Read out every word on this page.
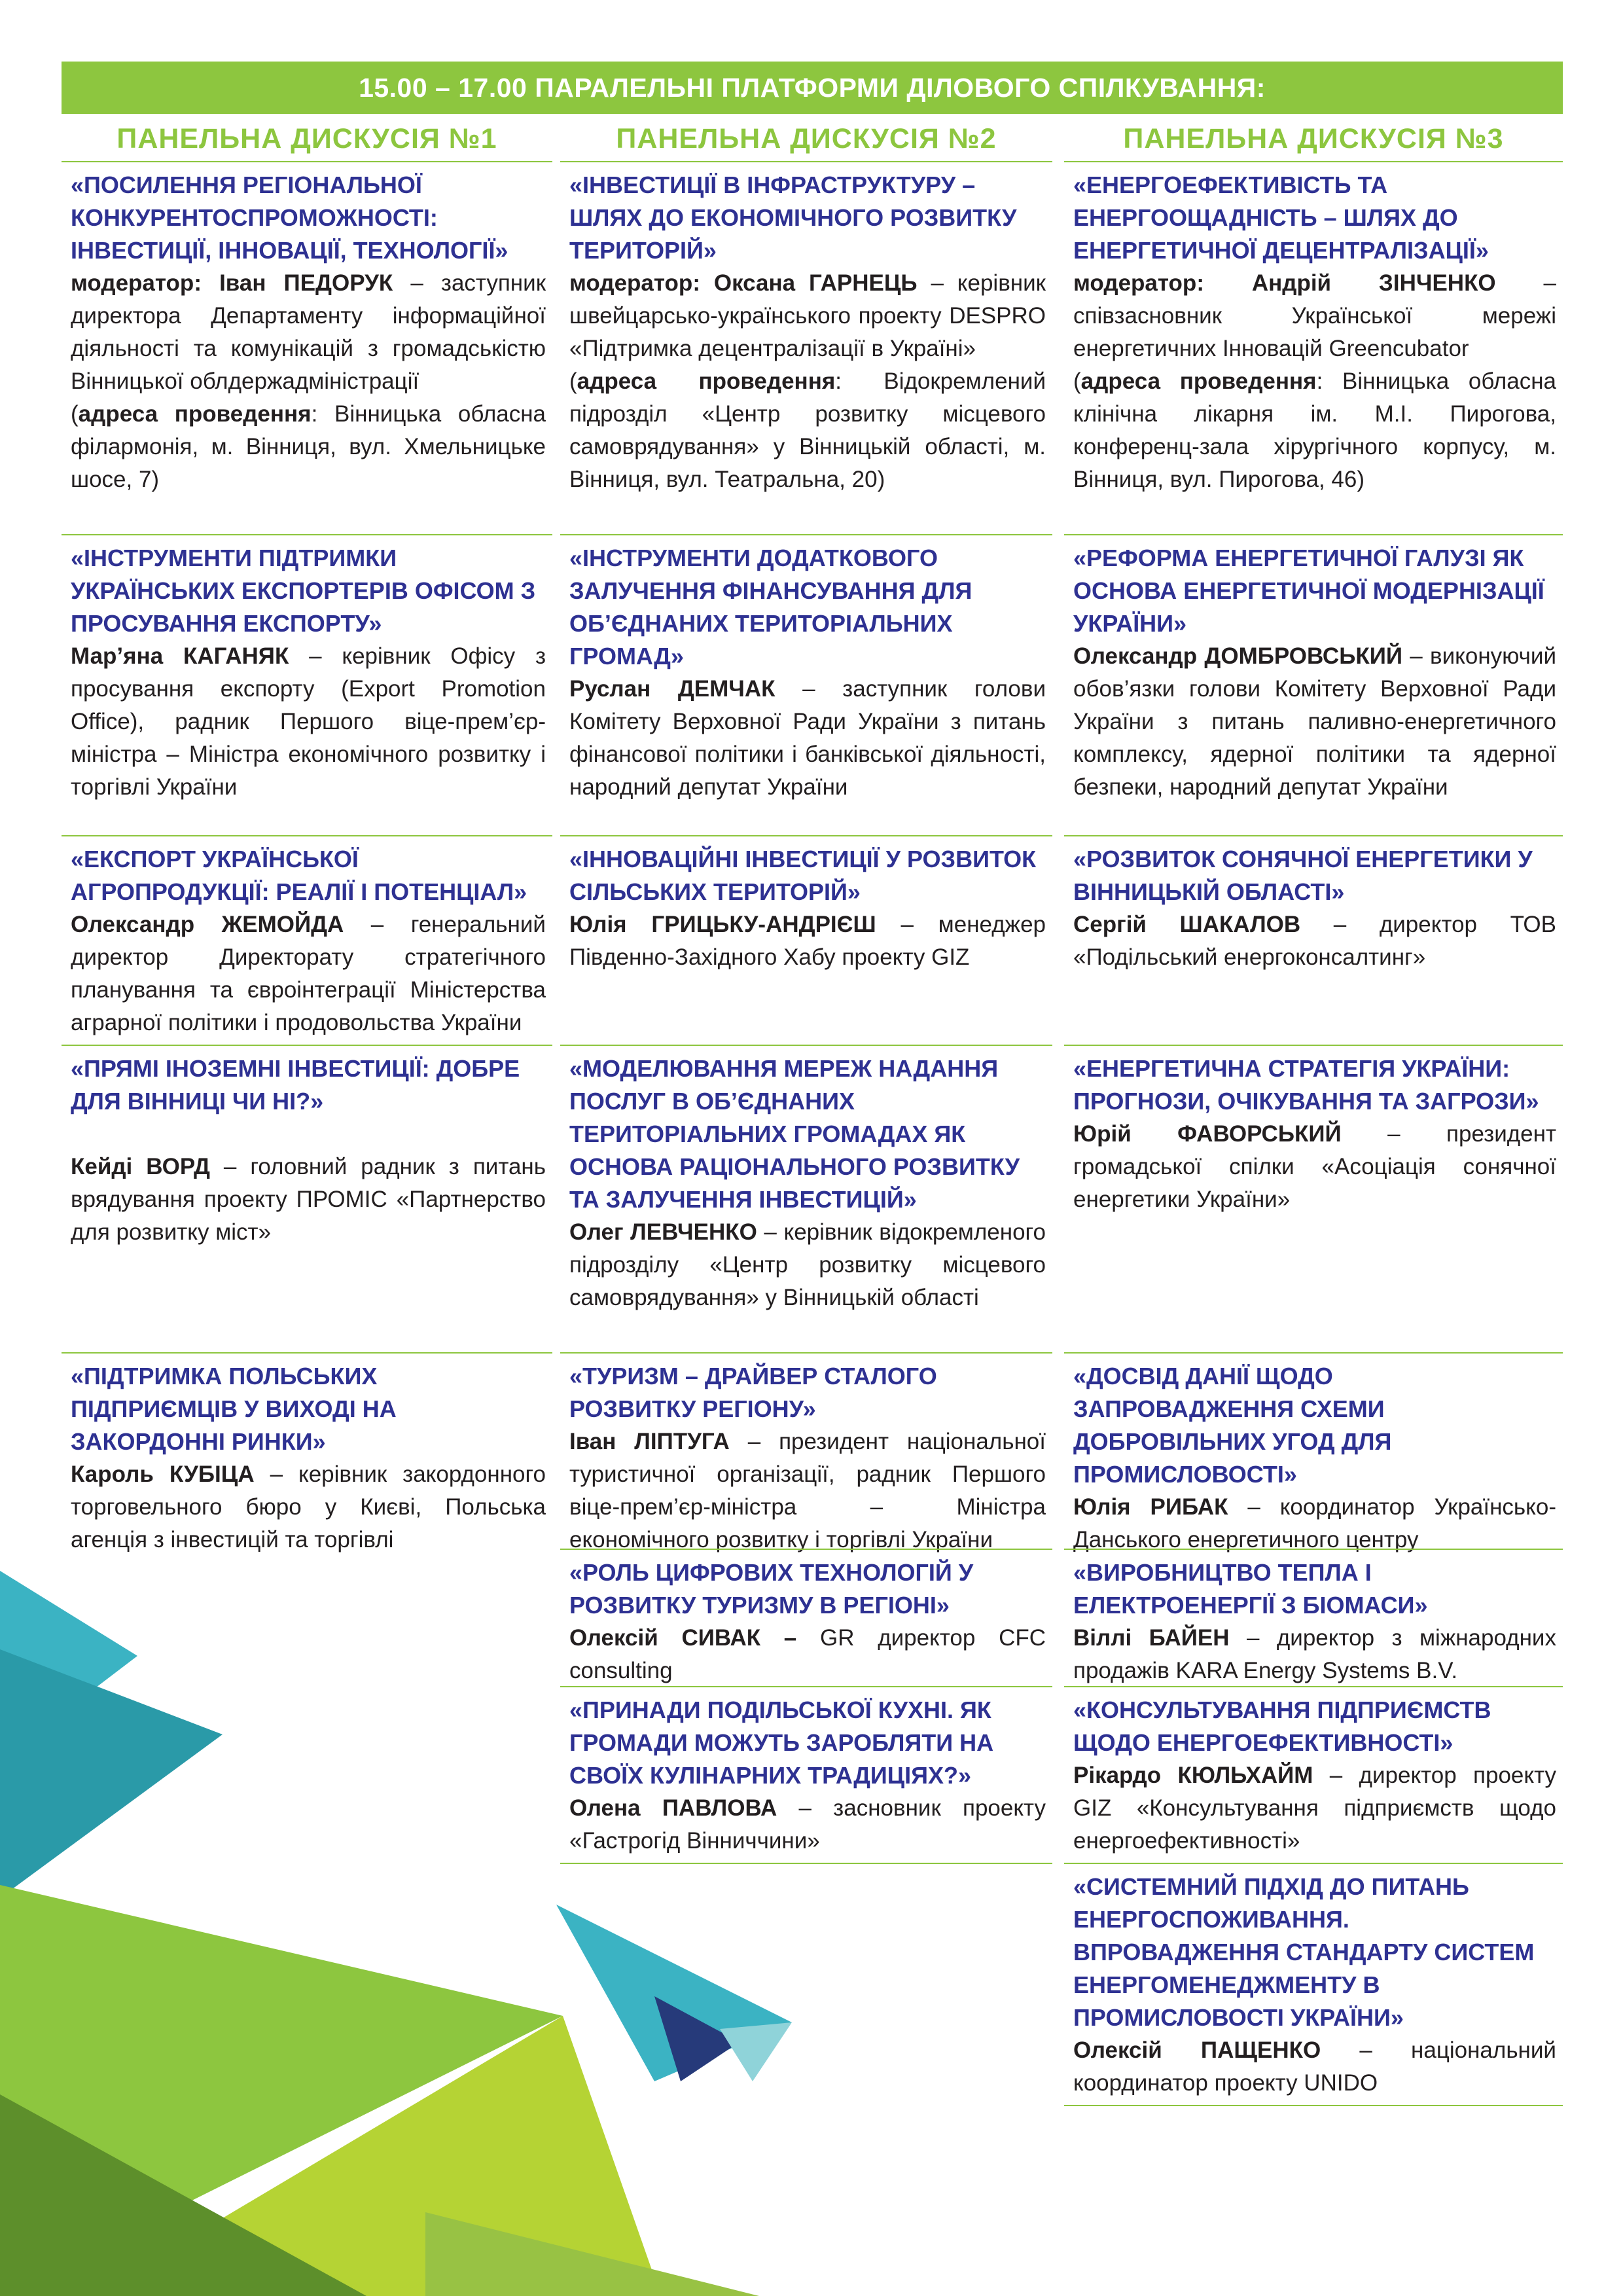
15.00 – 17.00 ПАРАЛЕЛЬНІ ПЛАТФОРМИ ДІЛОВОГО СПІЛКУВАННЯ:
ПАНЕЛЬНА ДИСКУСІЯ №1	ПАНЕЛЬНА ДИСКУСІЯ №2	ПАНЕЛЬНА ДИСКУСІЯ №3

«ПОСИЛЕННЯ РЕГІОНАЛЬНОЇ КОНКУРЕНТОСПРОМОЖНОСТІ: ІНВЕСТИЦІЇ, ІННОВАЦІЇ, ТЕХНОЛОГІЇ»

модератор: Іван ПЕДОРУК – заступник директора Департаменту інформаційної діяльності та комунікацій з громадськістю Вінницької облдержадміністрації
(адреса проведення: Вінницька обласна філармонія, м. Вінниця, вул. Хмельницьке шосе, 7)

«ІНСТРУМЕНТИ ПІДТРИМКИ УКРАЇНСЬКИХ ЕКСПОРТЕРІВ ОФІСОМ З ПРОСУВАННЯ ЕКСПОРТУ»

Мар’яна КАГАНЯК – керівник Офісу з просування експорту (Export Promotion Office), радник Першого віце-прем’єр-міністра – Міністра економічного розвитку і торгівлі України

«ЕКСПОРТ УКРАЇНСЬКОЇ АГРОПРОДУКЦІЇ: РЕАЛІЇ І ПОТЕНЦІАЛ»

Олександр ЖЕМОЙДА – генеральний директор Директорату стратегічного планування та євроінтеграції Міністерства аграрної політики і продовольства України

«ПРЯМІ ІНОЗЕМНІ ІНВЕСТИЦІЇ: ДОБРЕ ДЛЯ ВІННИЦІ ЧИ НІ?»

Кейді ВОРД – головний радник з питань врядування проекту ПРОМІС «Партнерство для розвитку міст»

«ПІДТРИМКА ПОЛЬСЬКИХ ПІДПРИЄМЦІВ У ВИХОДІ НА ЗАКОРДОННІ РИНКИ»

Кароль КУБІЦА – керівник закордонного торговельного бюро у Києві, Польська агенція з інвестицій та торгівлі

«ІНВЕСТИЦІЇ В ІНФРАСТРУКТУРУ – ШЛЯХ ДО ЕКОНОМІЧНОГО РОЗВИТКУ ТЕРИТОРІЙ»

модератор: Оксана ГАРНЕЦЬ – керівник швейцарсько-українського проекту DESPRO «Підтримка децентралізації в Україні»
(адреса проведення: Відокремлений підрозділ «Центр розвитку місцевого самоврядування» у Вінницькій області, м. Вінниця, вул. Театральна, 20)

«ІНСТРУМЕНТИ ДОДАТКОВОГО ЗАЛУЧЕННЯ ФІНАНСУВАННЯ ДЛЯ ОБ’ЄДНАНИХ ТЕРИТОРІАЛЬНИХ ГРОМАД»

Руслан ДЕМЧАК – заступник голови Комітету Верховної Ради України з питань фінансової політики і банківської діяльності, народний депутат України

«ІННОВАЦІЙНІ ІНВЕСТИЦІЇ У РОЗВИТОК СІЛЬСЬКИХ ТЕРИТОРІЙ»

Юлія ГРИЦЬКУ-АНДРІЄШ – менеджер Південно-Західного Хабу проекту GIZ

«МОДЕЛЮВАННЯ МЕРЕЖ НАДАННЯ ПОСЛУГ В ОБ’ЄДНАНИХ ТЕРИТОРІАЛЬНИХ ГРОМАДАХ ЯК ОСНОВА РАЦІОНАЛЬНОГО РОЗВИТКУ ТА ЗАЛУЧЕННЯ ІНВЕСТИЦІЙ»

Олег ЛЕВЧЕНКО – керівник відокремленого підрозділу «Центр розвитку місцевого самоврядування» у Вінницькій області

«ТУРИЗМ – ДРАЙВЕР СТАЛОГО РОЗВИТКУ РЕГІОНУ»

Іван ЛІПТУГА – президент національної туристичної організації, радник Першого віце-прем’єр-міністра – Міністра економічного розвитку і торгівлі України

«РОЛЬ ЦИФРОВИХ ТЕХНОЛОГІЙ У РОЗВИТКУ ТУРИЗМУ В РЕГІОНІ»

Олексій СИВАК – GR директор CFC consulting

«ПРИНАДИ ПОДІЛЬСЬКОЇ КУХНІ. ЯК ГРОМАДИ МОЖУТЬ ЗАРОБЛЯТИ НА СВОЇХ КУЛІНАРНИХ ТРАДИЦІЯХ?»

Олена ПАВЛОВА – засновник проекту «Гастрогід Вінниччини»

«ЕНЕРГОЕФЕКТИВІСТЬ ТА ЕНЕРГООЩАДНІСТЬ – ШЛЯХ ДО ЕНЕРГЕТИЧНОЇ ДЕЦЕНТРАЛІЗАЦІЇ»

модератор: Андрій ЗІНЧЕНКО – співзасновник Української мережі енергетичних Інновацій Greencubator
(адреса проведення: Вінницька обласна клінічна лікарня ім. М.І. Пирогова, конференц-зала хірургічного корпусу, м. Вінниця, вул. Пирогова, 46)

«РЕФОРМА ЕНЕРГЕТИЧНОЇ ГАЛУЗІ ЯК ОСНОВА ЕНЕРГЕТИЧНОЇ МОДЕРНІЗАЦІЇ УКРАЇНИ»

Олександр ДОМБРОВСЬКИЙ – виконуючий обов’язки голови Комітету Верховної Ради України з питань паливно-енергетичного комплексу, ядерної політики та ядерної безпеки, народний депутат України

«РОЗВИТОК СОНЯЧНОЇ ЕНЕРГЕТИКИ У ВІННИЦЬКІЙ ОБЛАСТІ»

Сергій ШАКАЛОВ – директор ТОВ «Подільський енергоконсалтинг»

«ЕНЕРГЕТИЧНА СТРАТЕГІЯ УКРАЇНИ: ПРОГНОЗИ, ОЧІКУВАННЯ ТА ЗАГРОЗИ»

Юрій ФАВОРСЬКИЙ – президент громадської спілки «Асоціація сонячної енергетики України»

«ДОСВІД ДАНІЇ ЩОДО ЗАПРОВАДЖЕННЯ СХЕМИ ДОБРОВІЛЬНИХ УГОД ДЛЯ ПРОМИСЛОВОСТІ»

Юлія РИБАК – координатор Українсько-Данського енергетичного центру

«ВИРОБНИЦТВО ТЕПЛА І ЕЛЕКТРОЕНЕРГІЇ З БІОМАСИ»

Віллі БАЙЕН – директор з міжнародних продажів KARA Energy Systems B.V.

«КОНСУЛЬТУВАННЯ ПІДПРИЄМСТВ ЩОДО ЕНЕРГОЕФЕКТИВНОСТІ»

Рікардо КЮЛЬХАЙМ – директор проекту GIZ «Консультування підприємств щодо енергоефективності»

«СИСТЕМНИЙ ПІДХІД ДО ПИТАНЬ ЕНЕРГОСПОЖИВАННЯ. ВПРОВАДЖЕННЯ СТАНДАРТУ СИСТЕМ ЕНЕРГОМЕНЕДЖМЕНТУ В ПРОМИСЛОВОСТІ УКРАЇНИ»

Олексій ПАЩЕНКО – національний координатор проекту UNIDO
